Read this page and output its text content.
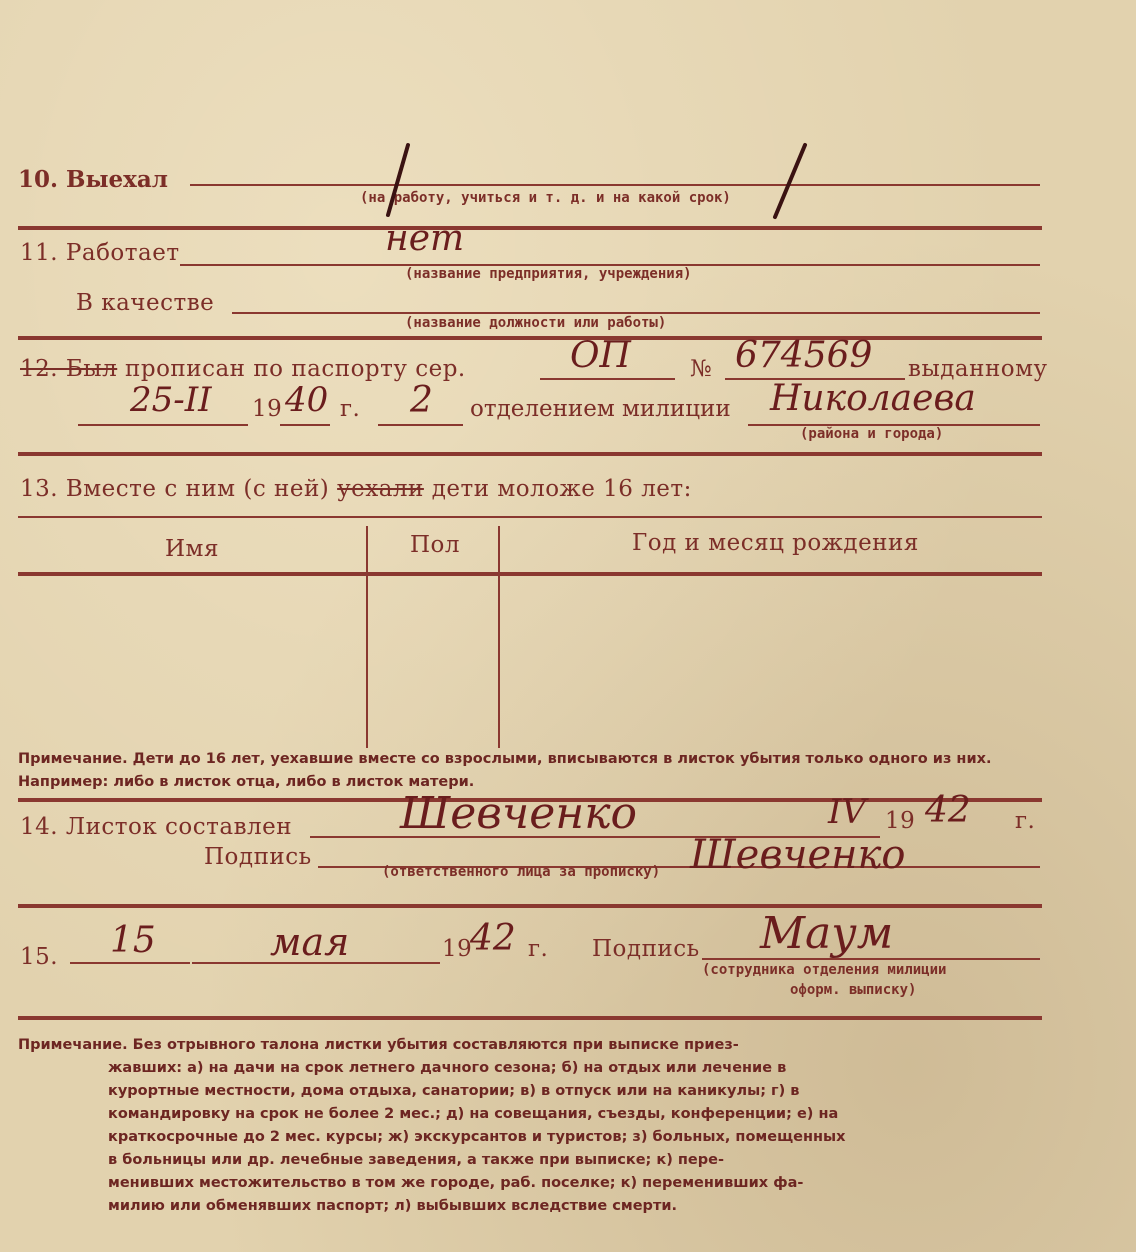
10. Выехал
(на работу, учиться и т. д. и на какой срок)
11. Работает	нет
(название предприятия, учреждения)
В качестве
(название должности или работы)
12. Был прописан по паспорту сер.	ОП	№ 674569 выданному
25-II 19 40 г. 2 отделением милиции Николаева
(района и города)
13. Вместе с ним (с ней) уехали дети моложе 16 лет:
Имя	Пол	Год и месяц рождения
Примечание. Дети до 16 лет, уехавшие вместе со взрослыми, вписываются в листок убытия только одного из них. Например: либо в листок отца, либо в листок матери.
14. Листок составлен Шевченко	IV 19 42 г.
Подпись	Шевченко
(ответственного лица за прописку)
15. 15	мая	19
42 г. Подпись Маум
(сотрудника отделения милиции
оформ. выписку)
Примечание. Без отрывного талона листки убытия составляются при выписке приез-
жавших: а) на дачи на срок летнего дачного сезона; б) на отдых или лечение в
курортные местности, дома отдыха, санатории; в) в отпуск или на каникулы; г) в
командировку на срок не более 2 мес.; д) на совещания, съезды, конференции; е) на
краткосрочные до 2 мес. курсы; ж) экскурсантов и туристов; з) больных, помещенных
в больницы или др. лечебные заведения, а также при выписке; к) пере-
менивших местожительство в том же городе, раб. поселке; к) переменивших фа-
милию или обменявших паспорт; л) выбывших вследствие смерти.
